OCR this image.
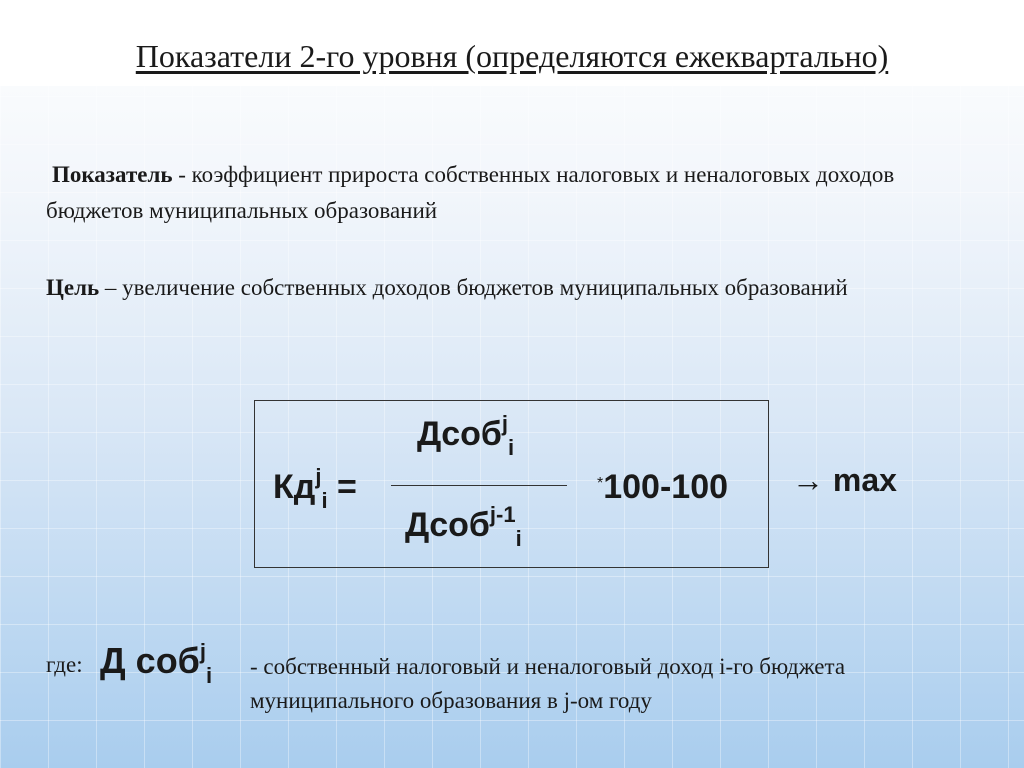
Показатели 2-го уровня (определяются ежеквартально)
Показатель - коэффициент прироста собственных налоговых и неналоговых доходов бюджетов муниципальных образований
Цель – увеличение собственных доходов бюджетов муниципальных образований
Дсоб$^j_i$
Дсоб$^{j-1}_i$
$Кд^j_i$ =	*100-100 → max
где: Д соб$^j_i$ - собственный налоговый и неналоговый доход i-го бюджета муниципального образования в j-ом году
